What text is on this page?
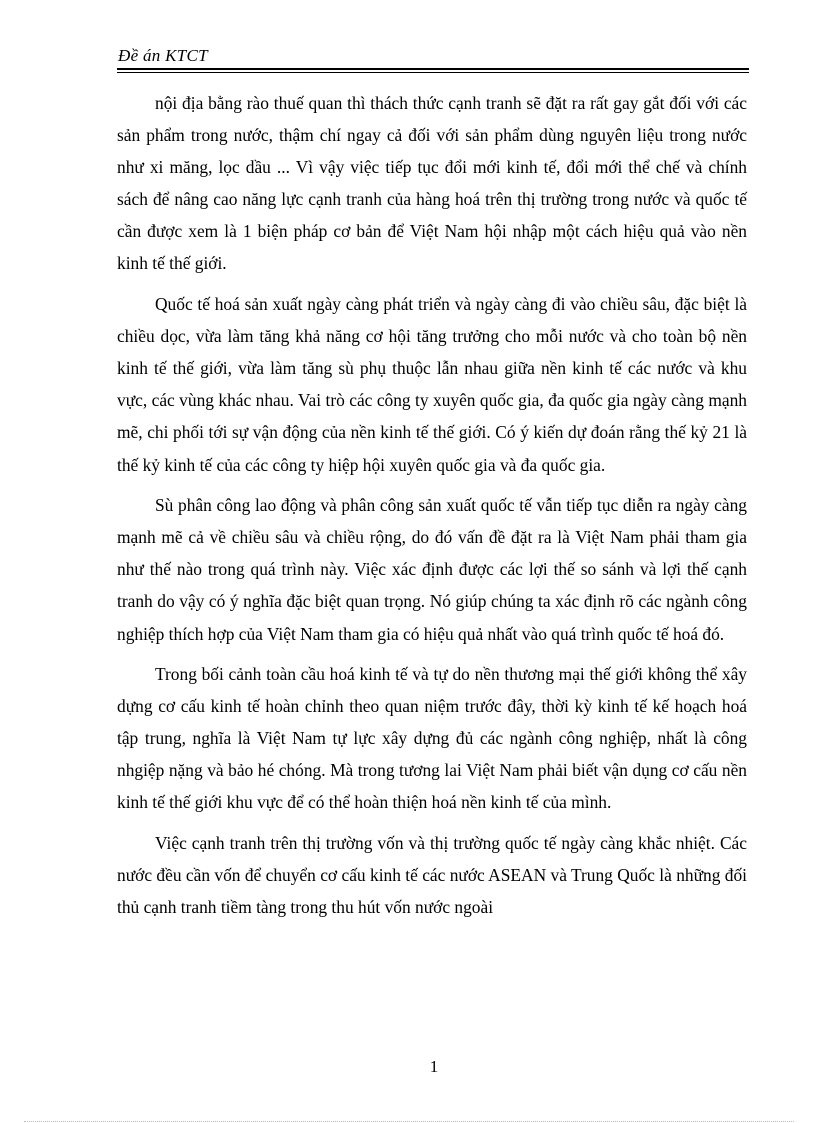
Đề án KTCT

nội địa bằng rào thuế quan thì thách thức cạnh tranh sẽ đặt ra rất gay gắt đối với các sản phẩm trong nước, thậm chí ngay cả đối với sản phẩm dùng nguyên liệu trong nước như xi măng, lọc dầu ... Vì vậy việc tiếp tục đổi mới kinh tế, đổi mới thể chế và chính sách để nâng cao năng lực cạnh tranh của hàng hoá trên thị trường trong nước và quốc tế cần được xem là 1 biện pháp cơ bản để Việt Nam hội nhập một cách hiệu quả vào nền kinh tế thế giới.

Quốc tế hoá sản xuất ngày càng phát triển và ngày càng đi vào chiều sâu, đặc biệt là chiều dọc, vừa làm tăng khả năng cơ hội tăng trưởng cho mỗi nước và cho toàn bộ nền kinh tế thế giới, vừa làm tăng sù phụ thuộc lẫn nhau giữa nền kinh tế các nước và khu vực, các vùng khác nhau. Vai trò các công ty xuyên quốc gia, đa quốc gia ngày càng mạnh mẽ, chi phối tới sự vận động của nền kinh tế thế giới. Có ý kiến dự đoán rằng thế kỷ 21 là thế kỷ kinh tế của các công ty hiệp hội xuyên quốc gia và đa quốc gia.

Sù phân công lao động và phân công sản xuất quốc tế vẫn tiếp tục diễn ra ngày càng mạnh mẽ cả về chiều sâu và chiều rộng, do đó vấn đề đặt ra là Việt Nam phải tham gia như thế nào trong quá trình này. Việc xác định được các lợi thế so sánh và lợi thế cạnh tranh do vậy có ý nghĩa đặc biệt quan trọng. Nó giúp chúng ta xác định rõ các ngành công nghiệp thích hợp của Việt Nam tham gia có hiệu quả nhất vào quá trình quốc tế hoá đó.

Trong bối cảnh toàn cầu hoá kinh tế và tự do nền thương mại thế giới không thể xây dựng cơ cấu kinh tế hoàn chỉnh theo quan niệm trước đây, thời kỳ kinh tế kế hoạch hoá tập trung, nghĩa là Việt Nam tự lực xây dựng đủ các ngành công nghiệp, nhất là công nhgiệp nặng và bảo hé chóng. Mà trong tương lai Việt Nam phải biết vận dụng cơ cấu nền kinh tế thế giới khu vực để có thể hoàn thiện hoá nền kinh tế của mình.

Việc cạnh tranh trên thị trường vốn và thị trường quốc tế ngày càng khắc nhiệt. Các nước đều cần vốn để chuyển cơ cấu kinh tế các nước ASEAN và Trung Quốc là những đối thủ cạnh tranh tiềm tàng trong thu hút vốn nước ngoài

1
